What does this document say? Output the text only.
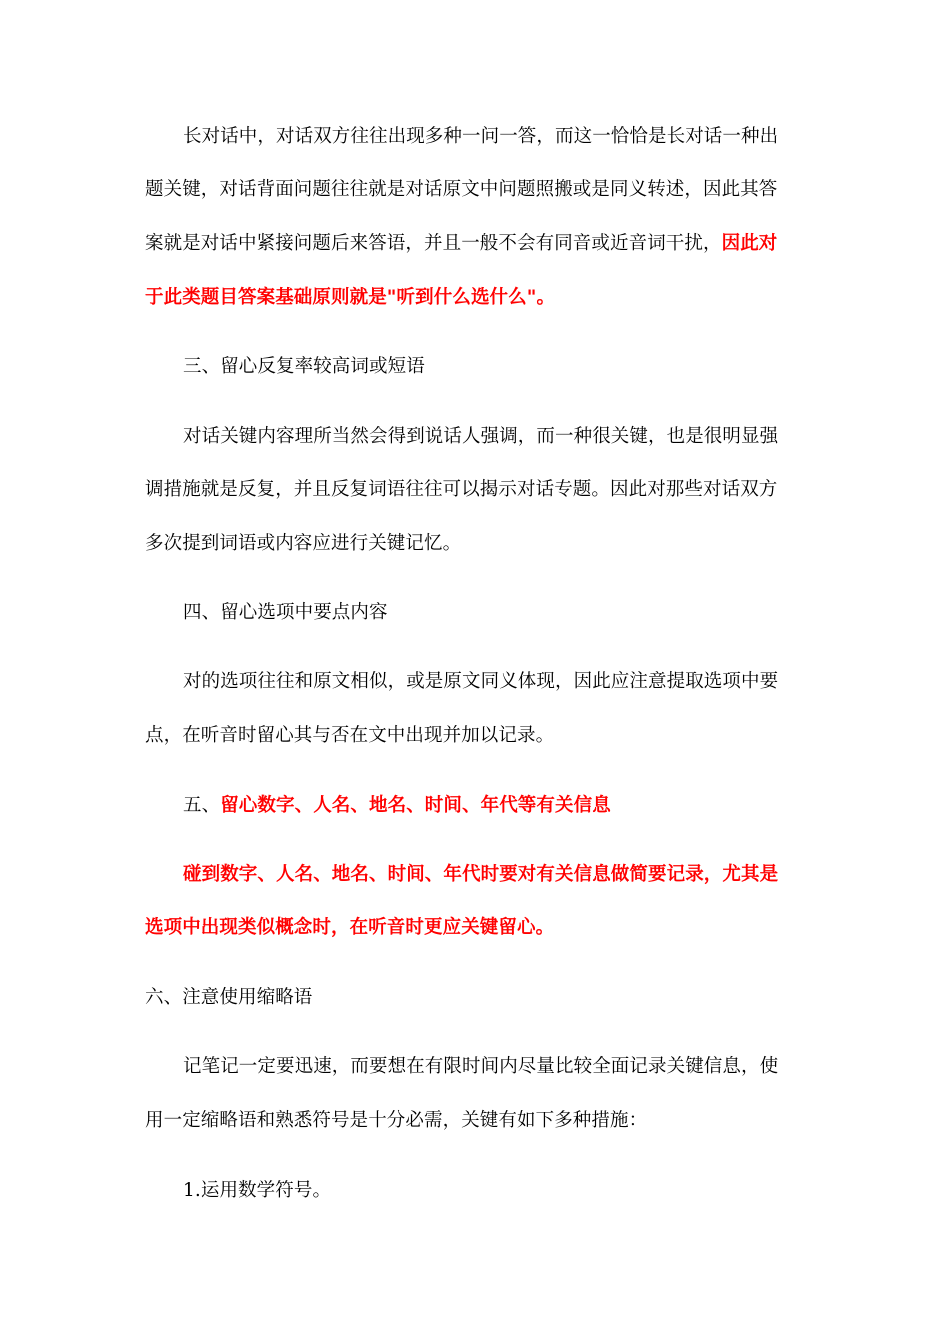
长对话中，对话双方往往出现多种一问一答，而这一恰恰是长对话一种出
题关键，对话背面问题往往就是对话原文中问题照搬或是同义转述，因此其答
案就是对话中紧接问题后来答语，并且一般不会有同音或近音词干扰，因此对
于此类题目答案基础原则就是"听到什么选什么"。
三、留心反复率较高词或短语
对话关键内容理所当然会得到说话人强调，而一种很关键，也是很明显强
调措施就是反复，并且反复词语往往可以揭示对话专题。因此对那些对话双方
多次提到词语或内容应进行关键记忆。
四、留心选项中要点内容
对的选项往往和原文相似，或是原文同义体现，因此应注意提取选项中要
点，在听音时留心其与否在文中出现并加以记录。
五、留心数字、人名、地名、时间、年代等有关信息
碰到数字、人名、地名、时间、年代时要对有关信息做简要记录，尤其是
选项中出现类似概念时，在听音时更应关键留心。
六、注意使用缩略语
记笔记一定要迅速，而要想在有限时间内尽量比较全面记录关键信息，使
用一定缩略语和熟悉符号是十分必需，关键有如下多种措施：
1.运用数学符号。
